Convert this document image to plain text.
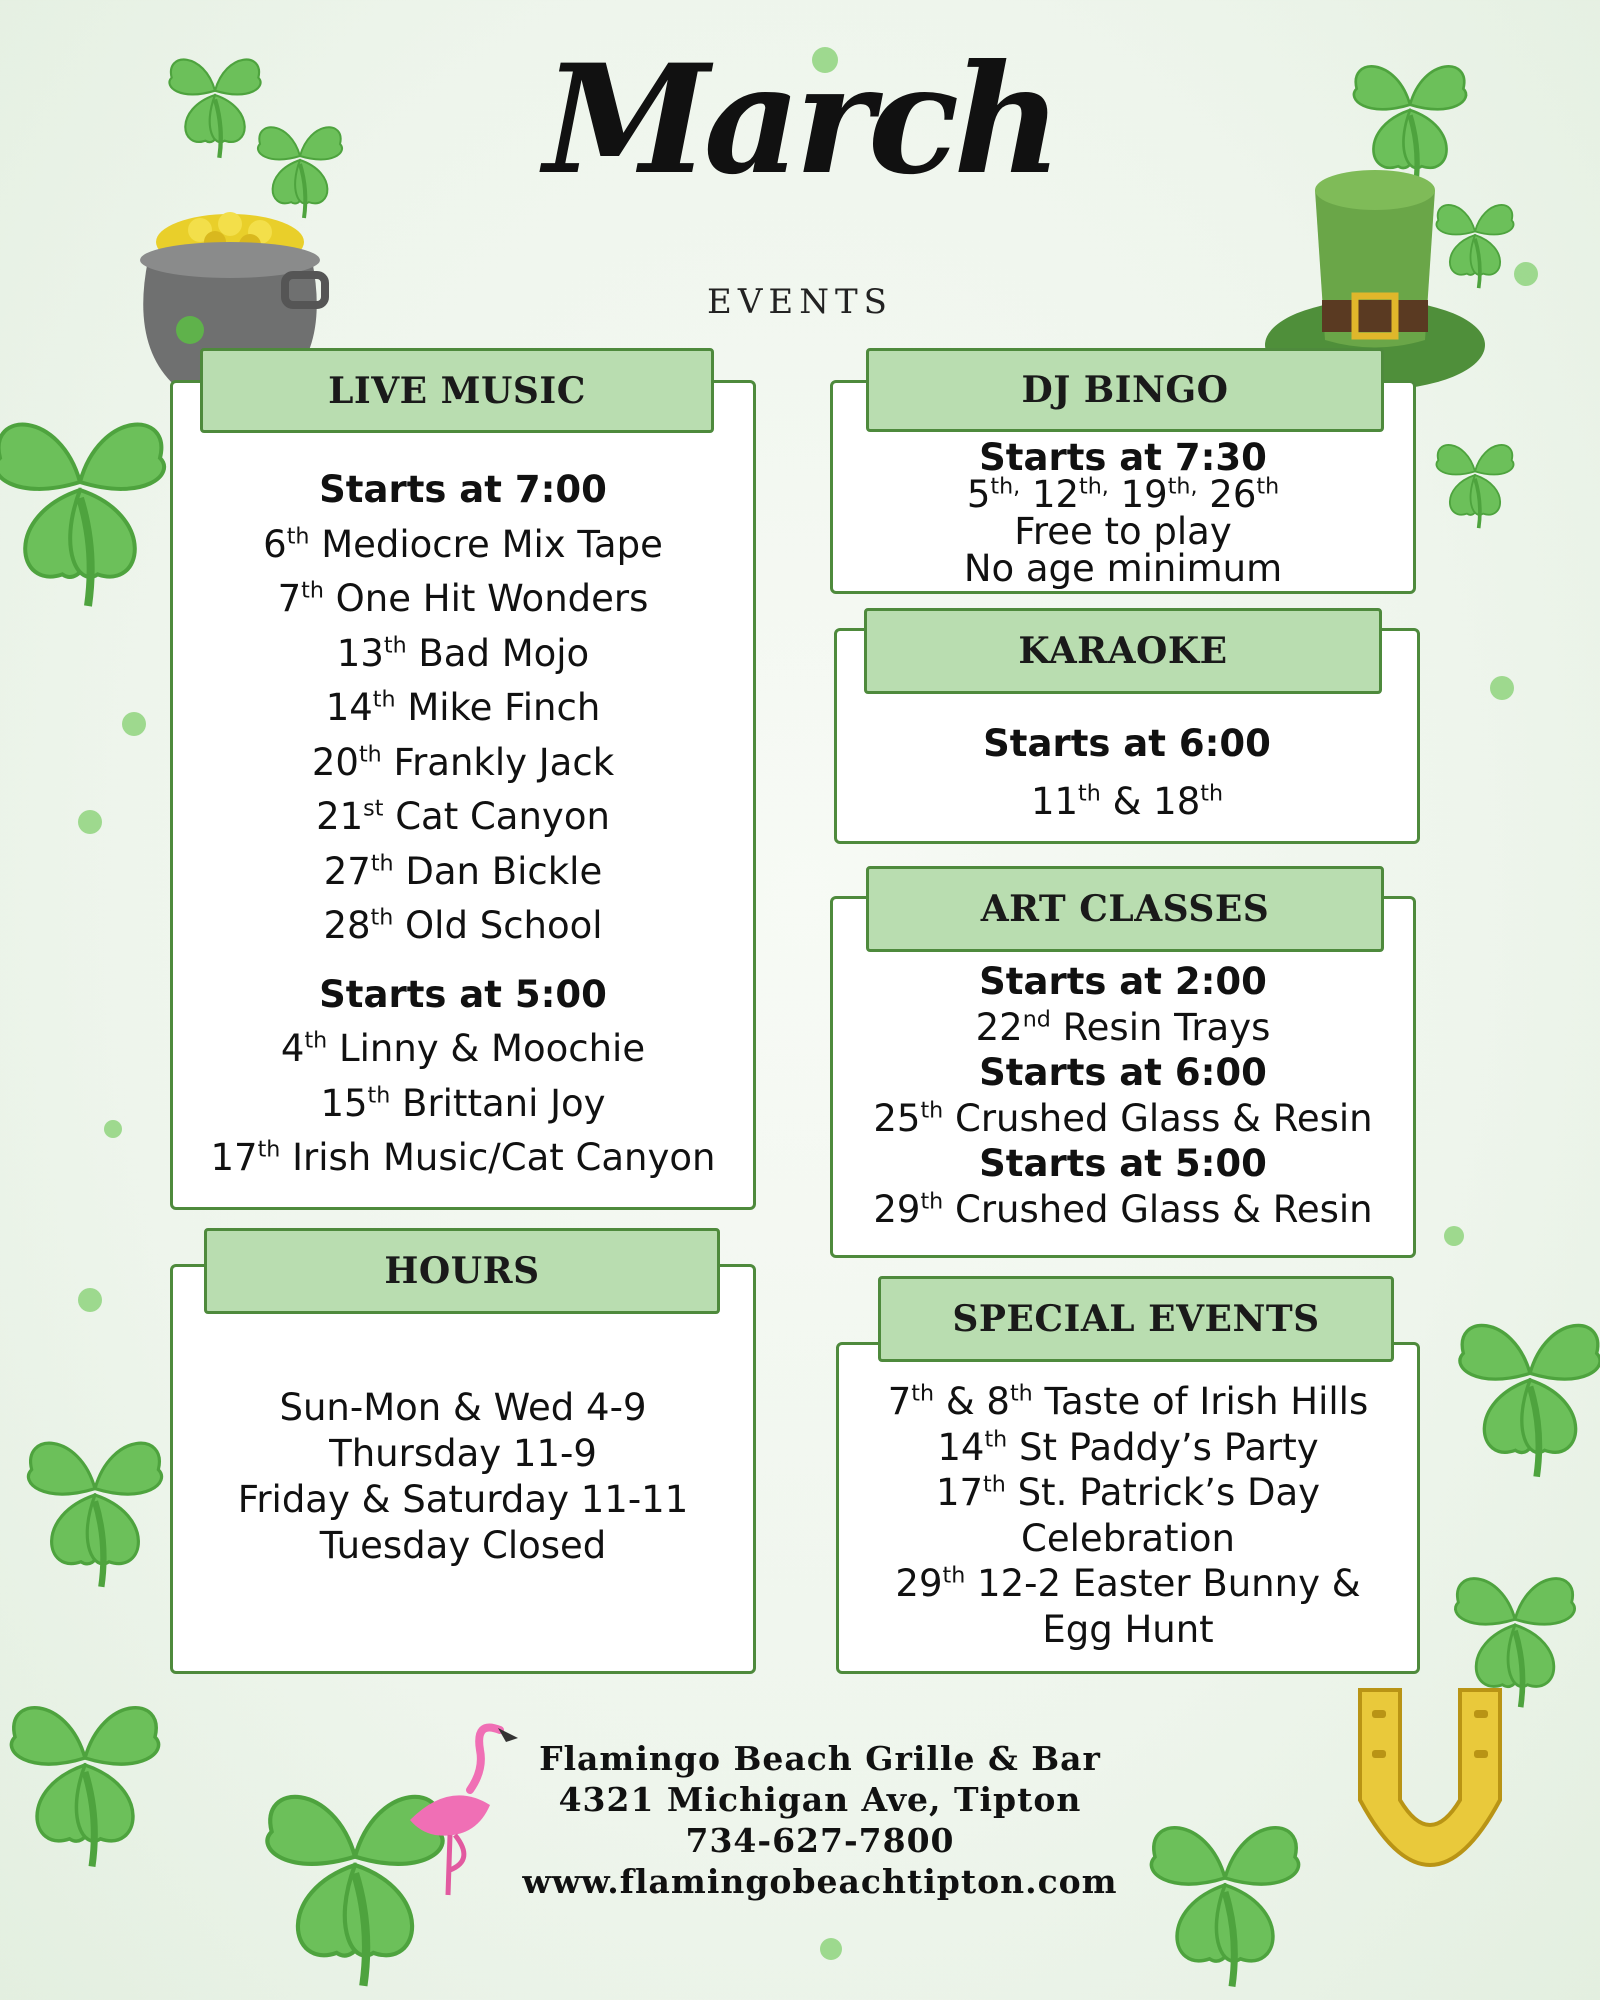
March
EVENTS
Starts at 7:00
6th Mediocre Mix Tape
7th One Hit Wonders
13th Bad Mojo
14th Mike Finch
20th Frankly Jack
21st Cat Canyon
27th Dan Bickle
28th Old School
Starts at 5:00
4th Linny & Moochie
15th Brittani Joy
17th Irish Music/Cat Canyon
LIVE MUSIC
Starts at 7:30
$5^{th,}$ $12^{th,}$ $19^{th,}$ 26th
Free to play
No age minimum
DJ BINGO
Starts at 6:00
11th & 18th
KARAOKE
Starts at 2:00
22nd Resin Trays
Starts at 6:00
25th Crushed Glass & Resin
Starts at 5:00
29th Crushed Glass & Resin
ART CLASSES
Sun-Mon & Wed 4-9
Thursday 11-9
Friday & Saturday 11-11
Tuesday Closed
HOURS
7th & 8th Taste of Irish Hills
14th St Paddy’s Party
17th St. Patrick’s Day
Celebration
29th 12-2 Easter Bunny &
Egg Hunt
SPECIAL EVENTS
Flamingo Beach Grille & Bar
4321 Michigan Ave, Tipton
734-627-7800
www.flamingobeachtipton.com
